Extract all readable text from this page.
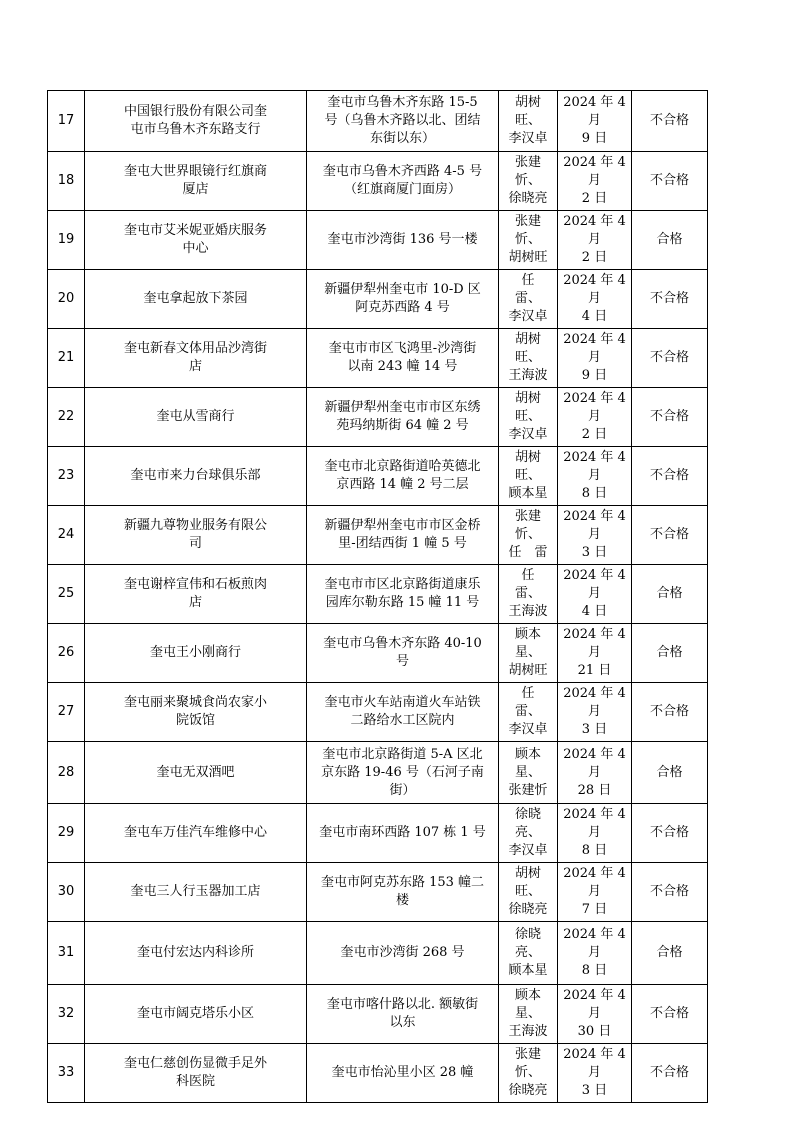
17	中国银行股份有限公司奎
屯市乌鲁木齐东路支行	奎屯市乌鲁木齐东路 15-5
号（乌鲁木齐路以北、团结
东街以东）	胡树旺、
李汉卓	2024 年 4 月
9 日	不合格

18	奎屯大世界眼镜行红旗商
厦店	奎屯市乌鲁木齐西路 4-5 号
（红旗商厦门面房）	张建忻、
徐晓亮	2024 年 4 月
2 日	不合格

19	奎屯市艾米妮亚婚庆服务
中心	奎屯市沙湾街 136 号一楼	张建忻、
胡树旺	2024 年 4 月
2 日	合格

20	奎屯拿起放下茶园	新疆伊犁州奎屯市 10-D 区
阿克苏西路 4 号	任　雷、
李汉卓	2024 年 4 月
4 日	不合格

21	奎屯新春文体用品沙湾街
店	奎屯市市区飞鸿里-沙湾街
以南 243 幢 14 号	胡树旺、
王海波	2024 年 4 月
9 日	不合格

22	奎屯从雪商行	新疆伊犁州奎屯市市区东绣
苑玛纳斯街 64 幢 2 号	胡树旺、
李汉卓	2024 年 4 月
2 日	不合格

23	奎屯市来力台球俱乐部	奎屯市北京路街道哈英德北
京西路 14 幢 2 号二层	胡树旺、
顾本星	2024 年 4 月
8 日	不合格

24	新疆九尊物业服务有限公
司	新疆伊犁州奎屯市市区金桥
里-团结西街 1 幢 5 号	张建忻、
任　雷	2024 年 4 月
3 日	不合格

25	奎屯谢梓宣伟和石板煎肉
店	奎屯市市区北京路街道康乐
园库尔勒东路 15 幢 11 号	任　雷、
王海波	2024 年 4 月
4 日	合格

26	奎屯王小刚商行	奎屯市乌鲁木齐东路 40-10
号	顾本星、
胡树旺	2024 年 4 月
21 日	合格

27	奎屯丽来聚城食尚农家小
院饭馆	奎屯市火车站南道火车站铁
二路给水工区院内	任　雷、
李汉卓	2024 年 4 月
3 日	不合格

28	奎屯无双酒吧	奎屯市北京路街道 5-A 区北
京东路 19-46 号（石河子南
街）	顾本星、
张建忻	2024 年 4 月
28 日	合格

29	奎屯车万佳汽车维修中心	奎屯市南环西路 107 栋 1 号	徐晓亮、
李汉卓	2024 年 4 月
8 日	不合格

30	奎屯三人行玉器加工店	奎屯市阿克苏东路 153 幢二
楼	胡树旺、
徐晓亮	2024 年 4 月
7 日	不合格

31	奎屯付宏达内科诊所	奎屯市沙湾街 268 号	徐晓亮、
顾本星	2024 年 4 月
8 日	合格

32	奎屯市阔克塔乐小区	奎屯市喀什路以北. 额敏街
以东	顾本星、
王海波	2024 年 4 月
30 日	不合格

33	奎屯仁慈创伤显微手足外
科医院	奎屯市怡沁里小区 28 幢	张建忻、
徐晓亮	2024 年 4 月
3 日	不合格
